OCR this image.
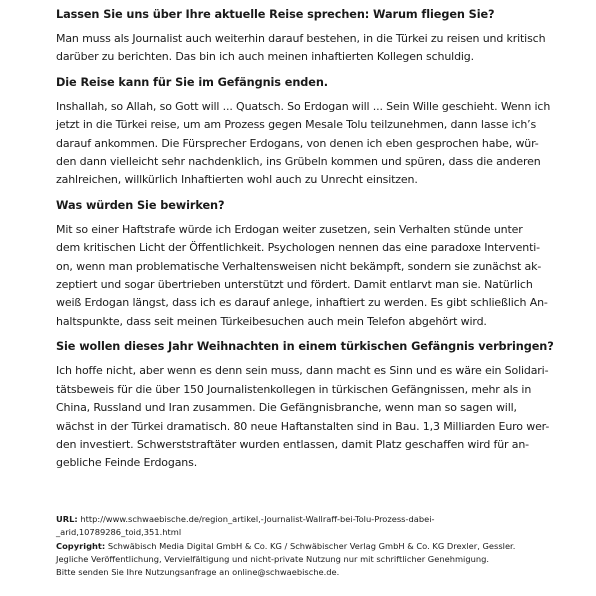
Lassen Sie uns über Ihre aktuelle Reise sprechen: Warum fliegen Sie?

Man muss als Journalist auch weiterhin darauf bestehen, in die Türkei zu reisen und kritisch
darüber zu berichten. Das bin ich auch meinen inhaftierten Kollegen schuldig.

Die Reise kann für Sie im Gefängnis enden.

Inshallah, so Allah, so Gott will ... Quatsch. So Erdogan will ... Sein Wille geschieht. Wenn ich
jetzt in die Türkei reise, um am Prozess gegen Mesale Tolu teilzunehmen, dann lasse ich’s
darauf ankommen. Die Fürsprecher Erdogans, von denen ich eben gesprochen habe, wür-
den dann vielleicht sehr nachdenklich, ins Grübeln kommen und spüren, dass die anderen
zahlreichen, willkürlich Inhaftierten wohl auch zu Unrecht einsitzen.

Was würden Sie bewirken?

Mit so einer Haftstrafe würde ich Erdogan weiter zusetzen, sein Verhalten stünde unter
dem kritischen Licht der Öffentlichkeit. Psychologen nennen das eine paradoxe Interventi-
on, wenn man problematische Verhaltensweisen nicht bekämpft, sondern sie zunächst ak-
zeptiert und sogar übertrieben unterstützt und fördert. Damit entlarvt man sie. Natürlich
weiß Erdogan längst, dass ich es darauf anlege, inhaftiert zu werden. Es gibt schließlich An-
haltspunkte, dass seit meinen Türkeibesuchen auch mein Telefon abgehört wird.

Sie wollen dieses Jahr Weihnachten in einem türkischen Gefängnis verbringen?

Ich hoffe nicht, aber wenn es denn sein muss, dann macht es Sinn und es wäre ein Solidari-
tätsbeweis für die über 150 Journalistenkollegen in türkischen Gefängnissen, mehr als in
China, Russland und Iran zusammen. Die Gefängnisbranche, wenn man so sagen will,
wächst in der Türkei dramatisch. 80 neue Haftanstalten sind in Bau. 1,3 Milliarden Euro wer-
den investiert. Schwerststraftäter wurden entlassen, damit Platz geschaffen wird für an-
gebliche Feinde Erdogans.

URL: http://www.schwaebische.de/region_artikel,-Journalist-Wallraff-bei-Tolu-Prozess-dabei-
_arid,10789286_toid,351.html
Copyright: Schwäbisch Media Digital GmbH & Co. KG / Schwäbischer Verlag GmbH & Co. KG Drexler, Gessler.
Jegliche Veröffentlichung, Vervielfältigung und nicht-private Nutzung nur mit schriftlicher Genehmigung.
Bitte senden Sie Ihre Nutzungsanfrage an online@schwaebische.de.
